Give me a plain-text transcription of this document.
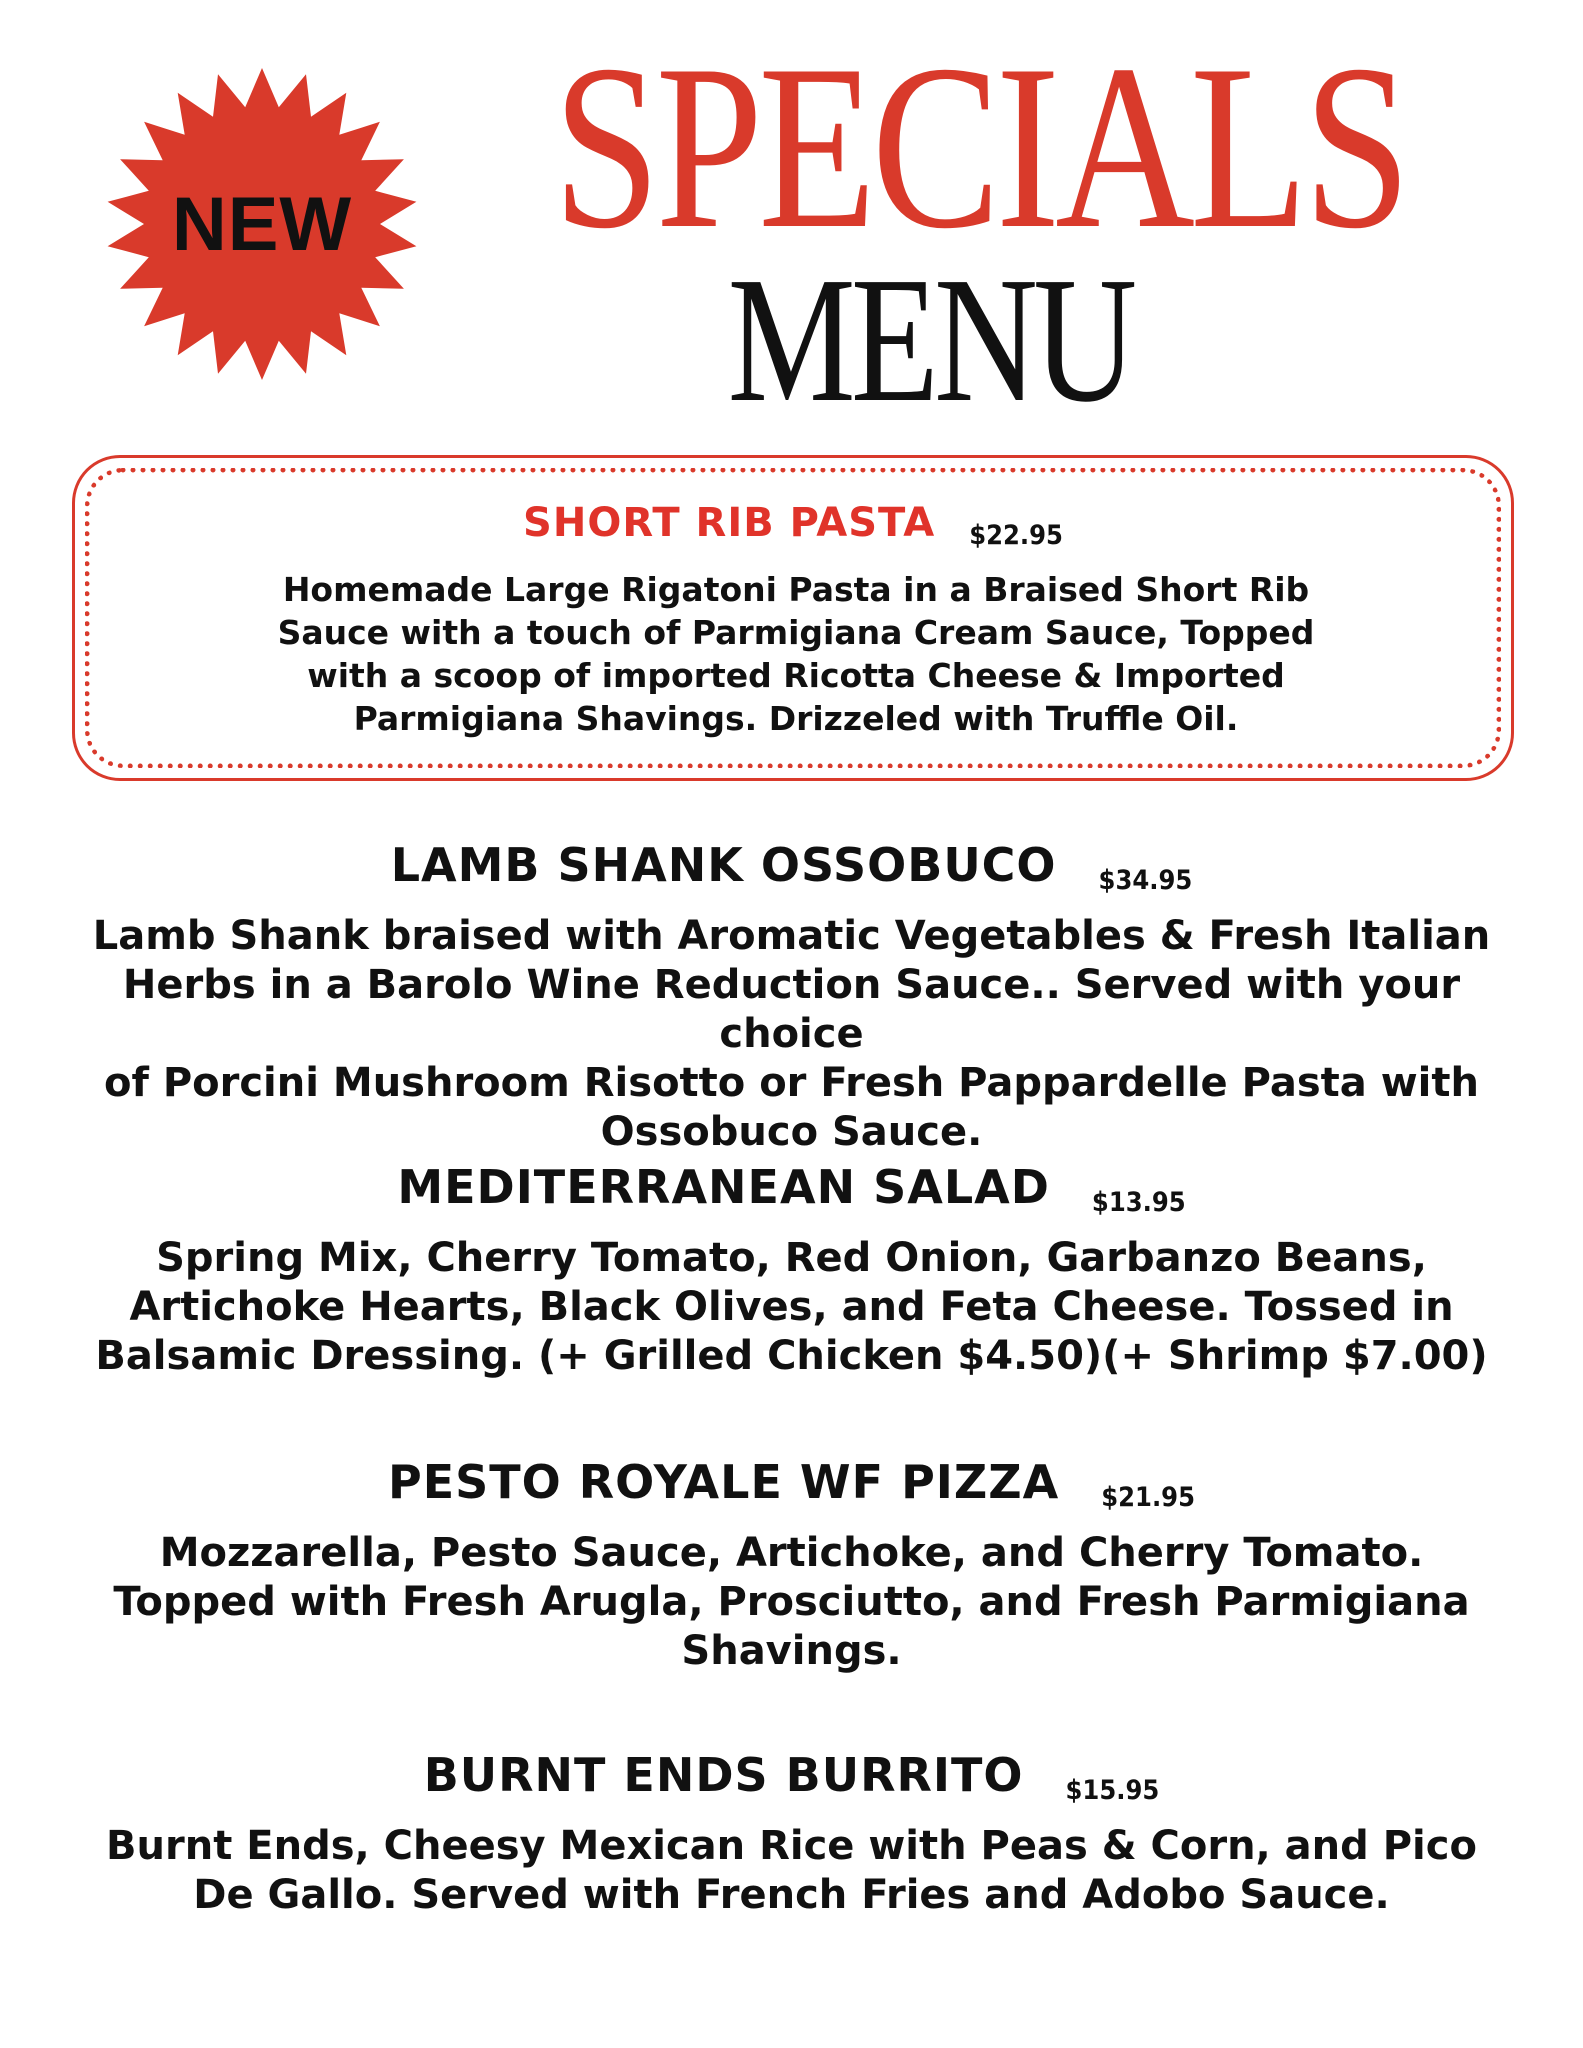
NEW SPECIALS
MENU
SHORT RIB PASTA $22.95
Homemade Large Rigatoni Pasta in a Braised Short Rib
Sauce with a touch of Parmigiana Cream Sauce, Topped
with a scoop of imported Ricotta Cheese & Imported
Parmigiana Shavings. Drizzeled with Truffle Oil.
LAMB SHANK OSSOBUCO $34.95
Lamb Shank braised with Aromatic Vegetables & Fresh Italian
Herbs in a Barolo Wine Reduction Sauce.. Served with your choice
of Porcini Mushroom Risotto or Fresh Pappardelle Pasta with
Ossobuco Sauce.
MEDITERRANEAN SALAD $13.95
Spring Mix, Cherry Tomato, Red Onion, Garbanzo Beans,
Artichoke Hearts, Black Olives, and Feta Cheese. Tossed in
Balsamic Dressing. (+ Grilled Chicken $4.50)(+ Shrimp $7.00)
PESTO ROYALE WF PIZZA $21.95
Mozzarella, Pesto Sauce, Artichoke, and Cherry Tomato.
Topped with Fresh Arugla, Prosciutto, and Fresh Parmigiana
Shavings.
BURNT ENDS BURRITO $15.95
Burnt Ends, Cheesy Mexican Rice with Peas & Corn, and Pico
De Gallo. Served with French Fries and Adobo Sauce.
